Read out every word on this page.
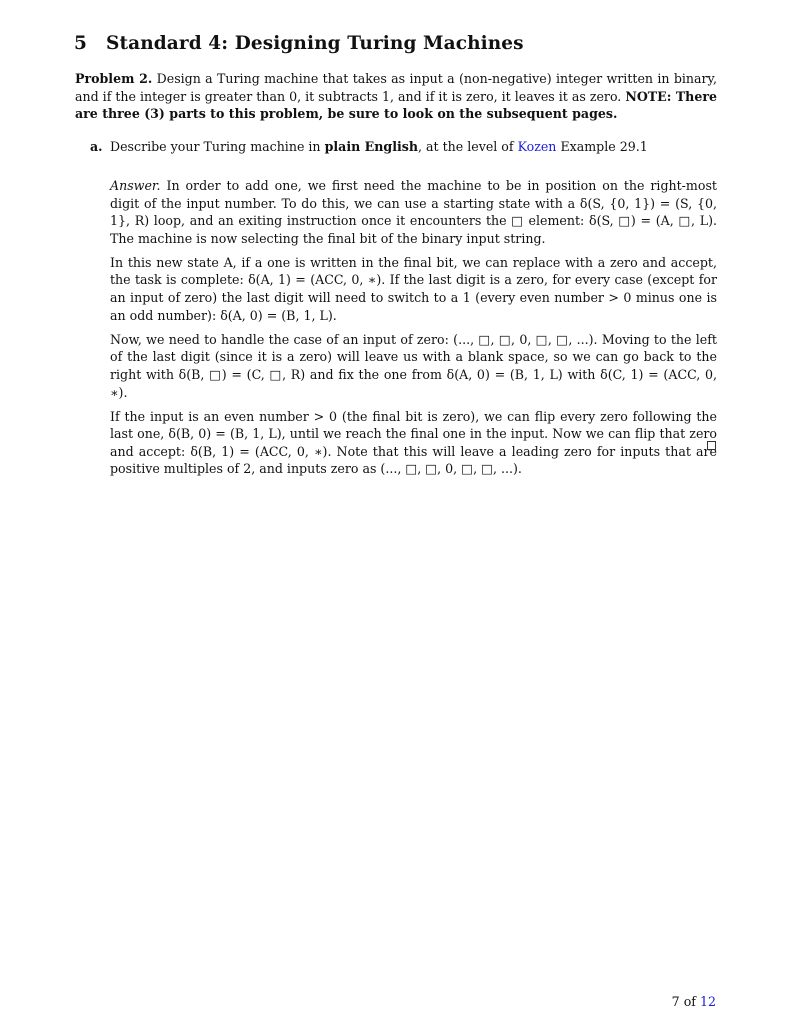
5 Standard 4: Designing Turing Machines

Problem 2. Design a Turing machine that takes as input a (non-negative) integer written in binary, and if the integer is greater than 0, it subtracts 1, and if it is zero, it leaves it as zero. NOTE: There are three (3) parts to this problem, be sure to look on the subsequent pages.

a. Describe your Turing machine in plain English, at the level of Kozen Example 29.1

Answer. In order to add one, we first need the machine to be in position on the right-most digit of the input number. To do this, we can use a starting state with a δ(S, {0, 1}) = (S, {0, 1}, R) loop, and an exiting instruction once it encounters the □ element: δ(S, □) = (A, □, L). The machine is now selecting the final bit of the binary input string.

In this new state A, if a one is written in the final bit, we can replace with a zero and accept, the task is complete: δ(A, 1) = (ACC, 0, ∗). If the last digit is a zero, for every case (except for an input of zero) the last digit will need to switch to a 1 (every even number > 0 minus one is an odd number): δ(A, 0) = (B, 1, L).

Now, we need to handle the case of an input of zero: (..., □, □, 0, □, □, ...). Moving to the left of the last digit (since it is a zero) will leave us with a blank space, so we can go back to the right with δ(B, □) = (C, □, R) and fix the one from δ(A, 0) = (B, 1, L) with δ(C, 1) = (ACC, 0, ∗).

If the input is an even number > 0 (the final bit is zero), we can flip every zero following the last one, δ(B, 0) = (B, 1, L), until we reach the final one in the input. Now we can flip that zero and accept: δ(B, 1) = (ACC, 0, ∗). Note that this will leave a leading zero for inputs that are positive multiples of 2, and inputs zero as (..., □, □, 0, □, □, ...).

7 of 12
